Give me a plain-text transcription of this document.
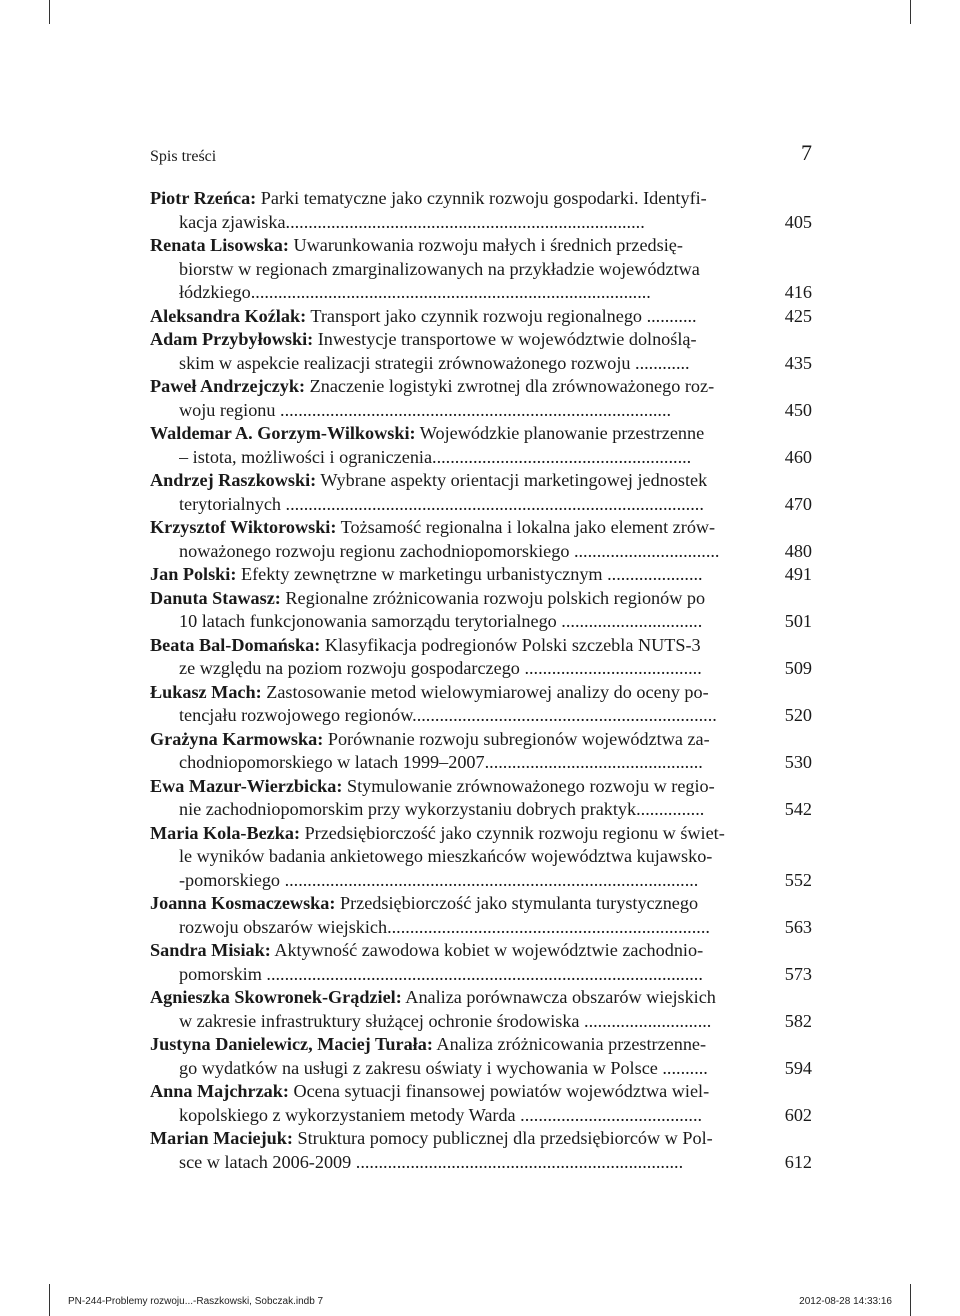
Spis treści	7
Piotr Rzeńca: Parki tematyczne jako czynnik rozwoju gospodarki. Identyfi-
kacja zjawiska...............................................................................	405
Renata Lisowska: Uwarunkowania rozwoju małych i średnich przedsię-
biorstw w regionach zmarginalizowanych na przykładzie województwa
łódzkiego........................................................................................	416
Aleksandra Koźlak: Transport jako czynnik rozwoju regionalnego ...........	425
Adam Przybyłowski: Inwestycje transportowe w województwie dolnoślą-
skim w aspekcie realizacji strategii zrównoważonego rozwoju ............	435
Paweł Andrzejczyk: Znaczenie logistyki zwrotnej dla zrównoważonego roz-
woju regionu ......................................................................................	450
Waldemar A. Gorzym-Wilkowski: Wojewódzkie planowanie przestrzenne
– istota, możliwości i ograniczenia.........................................................	460
Andrzej Raszkowski: Wybrane aspekty orientacji marketingowej jednostek
terytorialnych ............................................................................................	470
Krzysztof Wiktorowski: Tożsamość regionalna i lokalna jako element zrów-
noważonego rozwoju regionu zachodniopomorskiego ................................	480
Jan Polski: Efekty zewnętrzne w marketingu urbanistycznym .....................	491
Danuta Stawasz: Regionalne zróżnicowania rozwoju polskich regionów po
10 latach funkcjonowania samorządu terytorialnego ...............................	501
Beata Bal-Domańska: Klasyfikacja podregionów Polski szczebla NUTS-3
ze względu na poziom rozwoju gospodarczego .......................................	509
Łukasz Mach: Zastosowanie metod wielowymiarowej analizy do oceny po-
tencjału rozwojowego regionów...................................................................	520
Grażyna Karmowska: Porównanie rozwoju subregionów województwa za-
chodniopomorskiego w latach 1999–2007................................................	530
Ewa Mazur-Wierzbicka: Stymulowanie zrównoważonego rozwoju w regio-
nie zachodniopomorskim przy wykorzystaniu dobrych praktyk...............	542
Maria Kola-Bezka: Przedsiębiorczość jako czynnik rozwoju regionu w świet-
le wyników badania ankietowego mieszkańców województwa kujawsko-
-pomorskiego ...........................................................................................	552
Joanna Kosmaczewska: Przedsiębiorczość jako stymulanta turystycznego
rozwoju obszarów wiejskich.......................................................................	563
Sandra Misiak: Aktywność zawodowa kobiet w województwie zachodnio-
pomorskim ................................................................................................	573
Agnieszka Skowronek-Grądziel: Analiza porównawcza obszarów wiejskich
w zakresie infrastruktury służącej ochronie środowiska ............................	582
Justyna Danielewicz, Maciej Turała: Analiza zróżnicowania przestrzenne-
go wydatków na usługi z zakresu oświaty i wychowania w Polsce ..........	594
Anna Majchrzak: Ocena sytuacji finansowej powiatów województwa wiel-
kopolskiego z wykorzystaniem metody Warda ........................................	602
Marian Maciejuk: Struktura pomocy publicznej dla przedsiębiorców w Pol-
sce w latach 2006-2009 ........................................................................	612
PN-244-Problemy rozwoju...-Raszkowski, Sobczak.indb 7	2012-08-28 14:33:16
